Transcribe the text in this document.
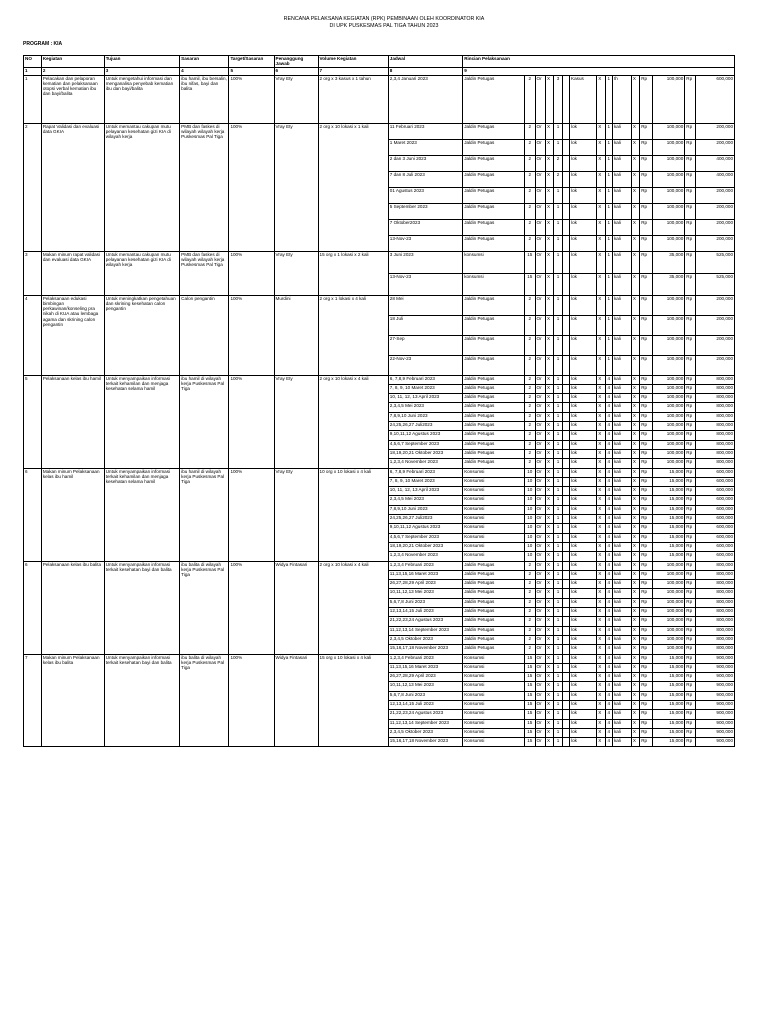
RENCANA PELAKSANA KEGIATAN (RPK) PEMBINAAN OLEH KOORDINATOR KIA
DI UPK PUSKESMAS PAL TIGA TAHUN 2023
PROGRAM : KIA
NO	Kegiatan	Tujuan	Sasaran	Target/Sasaran	Penanggung Jawab	Volume Kegiatan	Jadwal	Rincian Pelaksanaan														
1	2	3	4	5	6	7	8	9														
1	Pelacakan dan pelaporan kematian dan pelaksanaan otopsi verbal kematian ibu dan bayi/balita	Untuk mengetahui informasi dan menganalisa penyebab kematian ibu dan bayi/balita	ibu hamil, ibu bersalin, ibu nifas, bayi dan balita	100%	Vray Ety	2 org x 3 kasus x 1 tahun	2,3,4 Januari 2023	Jaldin Petugas	2	Or	X	3		Kasus	X	1	th	X	Rp	100,000	Rp	600,000
2	Rapat Validasi dan evaluasi data GKIA	Untuk memantau cakupan mutu pelayanan kesehatan gizi KIA di wilayah kerja	PMB dan faskes di wilayah wilayah kerja Puskesmas Pal Tiga	100%	Vray Ety	2 org x 10 lokasi x 1 kali	11 Februari 2023	Jaldin Petugas	2	Or	X	1		lok	X	1	kali	X	Rp	100,000	Rp	200,000
							1 Maret 2023	Jaldin Petugas	2	Or	X	1		lok	X	1	kali	X	Rp	100,000	Rp	200,000
							2 dan 3 Juni 2023	Jaldin Petugas	2	Or	X	2		lok	X	1	kali	X	Rp	100,000	Rp	400,000
							7 dan 8 Juli 2023	Jaldin Petugas	2	Or	X	2		lok	X	1	kali	X	Rp	100,000	Rp	400,000
							01 Agustus 2023	Jaldin Petugas	2	Or	X	1		lok	X	1	kali	X	Rp	100,000	Rp	200,000
							5 September 2023	Jaldin Petugas	2	Or	X	1		lok	X	1	kali	X	Rp	100,000	Rp	200,000
							7 Oktober2023	Jaldin Petugas	2	Or	X	1		lok	X	1	kali	X	Rp	100,000	Rp	200,000
							13-Nov-23	Jaldin Petugas	2	Or	X	1		lok	X	1	kali	X	Rp	100,000	Rp	200,000
3	Makan minum rapat validasi dan evaluasi data GKIA	Untuk memantau cakupan mutu pelayanan kesehatan gizi KIA di wilayah kerja	PMB dan faskes di wilayah wilayah kerja Puskesmas Pal Tiga	100%	Vray Ety	15 org x 1 lokasi x 2 kali	3 Juni 2023	konsumsi	15	Or	X	1		lok	X	1	kali	X	Rp	35,000	Rp	525,000
							13-Nov-23	konsumsi	15	Or	X	1		lok	X	1	kali	X	Rp	35,000	Rp	525,000
4	Pelaksanaan edukasi bimbingan perkawinan/konseling pra nikah di KUA atau lembaga agama dan skrining calon pengantin	Untuk meningkatkan pengetahuan dan skrining kesehatan calon pengantin	Calon pengantin	100%	Murdini	2 org x 1 lokasi x 4 kali	28 Mei	Jaldin Petugas	2	Or	X	1		lok	X	1	kali	X	Rp	100,000	Rp	200,000
							18 Juli	Jaldin Petugas	2	Or	X	1		lok	X	1	kali	X	Rp	100,000	Rp	200,000
							27-Sep	Jaldin Petugas	2	Or	X	1		lok	X	1	kali	X	Rp	100,000	Rp	200,000
							22-Nov-23	Jaldin Petugas	2	Or	X	1		lok	X	1	kali	X	Rp	100,000	Rp	200,000
5	Pelaksanaan kelas ibu hamil	Untuk menyampaikan informasi terkait kehamilan dan menjaga kesehatan selama hamil	ibu hamil di wilayah kerja Puskesmas Pal Tiga	100%	Vray Ety	2 org x 10 lokasi x 4 kali	6, 7,8,9 Februari 2023	Jaldin Petugas	2	Or	X	1		lok	X	4	kali	X	Rp	100,000	Rp	800,000
							7, 8, 9, 10 Maret 2023	Jaldin Petugas	2	Or	X	1		lok	X	4	kali	X	Rp	100,000	Rp	800,000
							10, 11, 12, 13 April 2023	Jaldin Petugas	2	Or	X	1		lok	X	4	kali	X	Rp	100,000	Rp	800,000
							2,3,4,5 Mei 2023	Jaldin Petugas	2	Or	X	1		lok	X	4	kali	X	Rp	100,000	Rp	800,000
							7,8,9,10 Juni 2023	Jaldin Petugas	2	Or	X	1		lok	X	4	kali	X	Rp	100,000	Rp	800,000
							24,25,26,27 Juli2023	Jaldin Petugas	2	Or	X	1		lok	X	4	kali	X	Rp	100,000	Rp	800,000
							9,10,11,12 Agustus 2023	Jaldin Petugas	2	Or	X	1		lok	X	4	kali	X	Rp	100,000	Rp	800,000
							4,5,6,7 September 2023	Jaldin Petugas	2	Or	X	1		lok	X	4	kali	X	Rp	100,000	Rp	800,000
							18,19,20,21 Oktober 2023	Jaldin Petugas	2	Or	X	1		lok	X	4	kali	X	Rp	100,000	Rp	800,000
							1,2,3,4 November 2023	Jaldin Petugas	2	Or	X	1		lok	X	4	kali	X	Rp	100,000	Rp	800,000
6	Makan minum Pelaksanaan kelas ibu hamil	Untuk menyampaikan informasi terkait kehamilan dan menjaga kesehatan selama hamil	ibu hamil di wilayah kerja Puskesmas Pal Tiga	100%	Vray Ety	10 org x 10 lokasi x 4 kali	6, 7,8,9 Februari 2023	Konsumsi	10	Or	X	1		lok	X	4	kali	X	Rp	15,000	Rp	600,000
							7, 8, 9, 10 Maret 2023	Konsumsi	10	Or	X	1		lok	X	4	kali	X	Rp	15,000	Rp	600,000
							10, 11, 12, 13 April 2023	Konsumsi	10	Or	X	1		lok	X	4	kali	X	Rp	15,000	Rp	600,000
							2,3,4,5 Mei 2023	Konsumsi	10	Or	X	1		lok	X	4	kali	X	Rp	15,000	Rp	600,000
							7,8,9,10 Juni 2023	Konsumsi	10	Or	X	1		lok	X	4	kali	X	Rp	15,000	Rp	600,000
							24,25,26,27 Juli2023	Konsumsi	10	Or	X	1		lok	X	4	kali	X	Rp	15,000	Rp	600,000
							9,10,11,12 Agustus 2023	Konsumsi	10	Or	X	1		lok	X	4	kali	X	Rp	15,000	Rp	600,000
							4,5,6,7 September 2023	Konsumsi	10	Or	X	1		lok	X	4	kali	X	Rp	15,000	Rp	600,000
							18,19,20,21 Oktober 2023	Konsumsi	10	Or	X	1		lok	X	4	kali	X	Rp	15,000	Rp	600,000
							1,2,3,4 November 2023	Konsumsi	10	Or	X	1		lok	X	4	kali	X	Rp	15,000	Rp	600,000
6	Pelaksanaan kelas ibu balita	Untuk menyampaikan informasi terkait kesehatan bayi dan balita	ibu balita di wilayah kerja Puskesmas Pal Tiga	100%	Widya Fintasari	2 org x 10 lokasi x 4 kali	1,2,3,4 Februari 2023	Jaldin Petugas	2	Or	X	1		lok	X	4	kali	X	Rp	100,000	Rp	800,000
							11,13,15,16 Maret 2023	Jaldin Petugas	2	Or	X	1		lok	X	4	kali	X	Rp	100,000	Rp	800,000
							26,27,28,29 April 2023	Jaldin Petugas	2	Or	X	1		lok	X	4	kali	X	Rp	100,000	Rp	800,000
							10,11,12,13 Mei 2023	Jaldin Petugas	2	Or	X	1		lok	X	4	kali	X	Rp	100,000	Rp	800,000
							5,6,7,8 Juni 2023	Jaldin Petugas	2	Or	X	1		lok	X	4	kali	X	Rp	100,000	Rp	800,000
							12,13,14,15 Juli 2023	Jaldin Petugas	2	Or	X	1		lok	X	4	kali	X	Rp	100,000	Rp	800,000
							21,22,23,24 Agustus 2023	Jaldin Petugas	2	Or	X	1		lok	X	4	kali	X	Rp	100,000	Rp	800,000
							11,12,13,14 September 2023	Jaldin Petugas	2	Or	X	1		lok	X	4	kali	X	Rp	100,000	Rp	800,000
							2,3,4,5 Oktober 2023	Jaldin Petugas	2	Or	X	1		lok	X	4	kali	X	Rp	100,000	Rp	800,000
							15,16,17,18 November 2023	Jaldin Petugas	2	Or	X	1		lok	X	4	kali	X	Rp	100,000	Rp	800,000
7	Makan minum Pelaksanaan kelas ibu balita	Untuk menyampaikan informasi terkait kesehatan bayi dan balita	ibu balita di wilayah kerja Puskesmas Pal Tiga	100%	Widya Fintasari	15 org x 10 lokasi x 4 kali	1,2,3,4 Februari 2023	Konsumsi	15	Or	X	1		lok	X	4	kali	X	Rp	15,000	Rp	900,000
							11,13,15,16 Maret 2023	Konsumsi	15	Or	X	1		lok	X	4	kali	X	Rp	15,000	Rp	900,000
							26,27,28,29 April 2023	Konsumsi	15	Or	X	1		lok	X	4	kali	X	Rp	15,000	Rp	900,000
							10,11,12,13 Mei 2023	Konsumsi	15	Or	X	1		lok	X	4	kali	X	Rp	15,000	Rp	900,000
							5,6,7,8 Juni 2023	Konsumsi	15	Or	X	1		lok	X	4	kali	X	Rp	15,000	Rp	900,000
							12,13,14,15 Juli 2023	Konsumsi	15	Or	X	1		lok	X	4	kali	X	Rp	15,000	Rp	900,000
							21,22,23,24 Agustus 2023	Konsumsi	15	Or	X	1		lok	X	4	kali	X	Rp	15,000	Rp	900,000
							11,12,13,14 September 2023	Konsumsi	15	Or	X	1		lok	X	4	kali	X	Rp	15,000	Rp	900,000
							2,3,4,5 Oktober 2023	Konsumsi	15	Or	X	1		lok	X	4	kali	X	Rp	15,000	Rp	900,000
							15,16,17,18 November 2023	Konsumsi	15	Or	X	1		lok	X	4	kali	X	Rp	15,000	Rp	900,000
